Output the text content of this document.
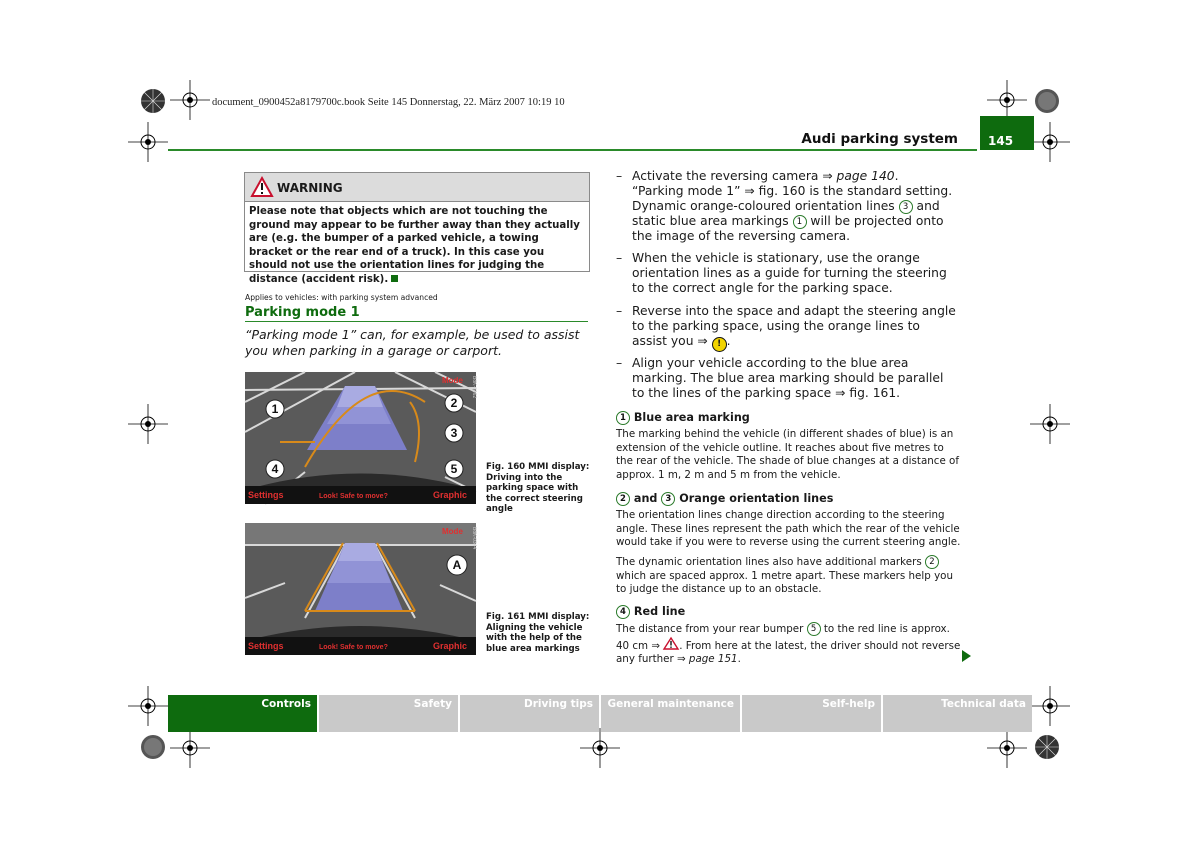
document_0900452a8179700c.book Seite 145 Donnerstag, 22. März 2007 10:19 10
Audi parking system	145
WARNING
Please note that objects which are not touching the ground may appear to be further away than they actually are (e.g. the bumper of a parked vehicle, a towing bracket or the rear end of a truck). In this case you should not use the orientation lines for judging the distance (accident risk).
Applies to vehicles: with parking system advanced
Parking mode 1
“Parking mode 1” can, for example, be used to assist you when parking in a garage or carport.
Settings	Look! Safe to move?	Graphic
Mode B8K-0162
1	2
3
4	5	Fig. 160 MMI display: Driving into the parking space with the correct steering angle
Settings	Look! Safe to move?	Graphic
Mode B8K-0344
A
Fig. 161 MMI display: Aligning the vehicle with the help of the blue area markings
– Activate the reversing camera ⇒ page 140.
“Parking mode 1” ⇒ fig. 160 is the standard setting. Dynamic orange-coloured orientation lines 3 and static blue area markings 1 will be projected onto the image of the reversing camera.
– When the vehicle is stationary, use the orange orientation lines as a guide for turning the steering to the correct angle for the parking space.
– Reverse into the space and adapt the steering angle to the parking space, using the orange lines to assist you ⇒ ! .
– Align your vehicle according to the blue area marking. The blue area marking should be parallel to the lines of the parking space ⇒ fig. 161.
1 Blue area marking
The marking behind the vehicle (in different shades of blue) is an extension of the vehicle outline. It reaches about five metres to the rear of the vehicle. The shade of blue changes at a distance of approx. 1 m, 2 m and 5 m from the vehicle.
2 and 3 Orange orientation lines
The orientation lines change direction according to the steering angle. These lines represent the path which the rear of the vehicle would take if you were to reverse using the current steering angle.
The dynamic orientation lines also have additional markers 2 which are spaced approx. 1 metre apart. These markers help you to judge the distance up to an obstacle.
4 Red line
The distance from your rear bumper 5 to the red line is approx. 40 cm ⇒ . From here at the latest, the driver should not reverse any further ⇒ page 151.
Controls	Safety	Driving tips General maintenance	Self-help	Technical data
